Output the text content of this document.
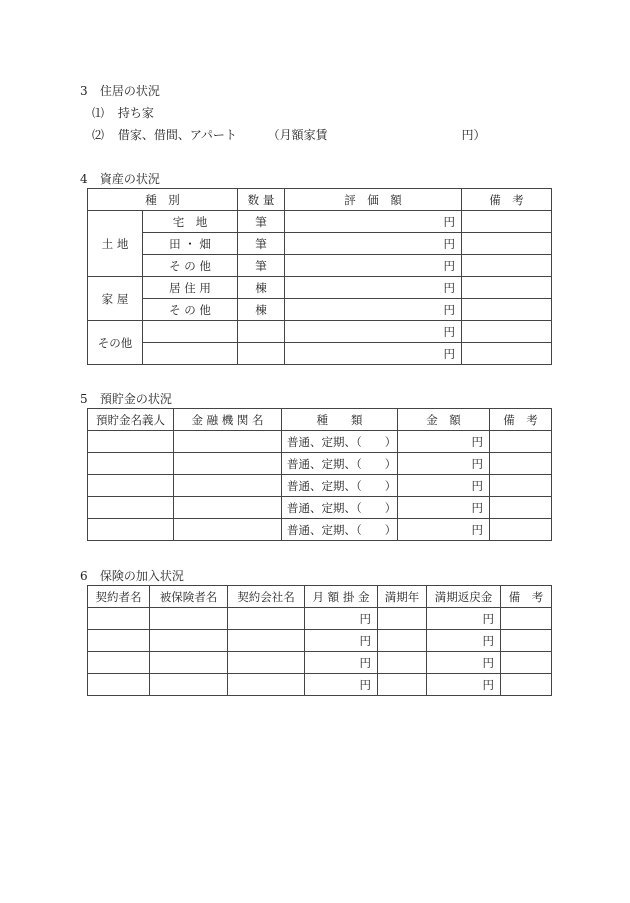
3 住居の状況
⑴ 持ち家
⑵ 借家、借間、アパート	（月額家賃	円）
4 資産の状況
種　別		数 量	評　価　額	備　考
土 地	宅　地	筆	円	
	田 ・ 畑	筆	円	
	そ の 他	筆	円	
家 屋	居 住 用	棟	円	
	そ の 他	棟	円	
その他			円	
			円	
5 預貯金の状況
預貯金名義人	金 融 機 関 名	種　　類	金　額	備　考
		普通、定期、（　　）	円	
		普通、定期、（　　）	円	
		普通、定期、（　　）	円	
		普通、定期、（　　）	円	
		普通、定期、（　　）	円	
6 保険の加入状況
契約者名	被保険者名	契約会社名	月 額 掛 金	満期年	満期返戻金	備　考
			円		円	
			円		円	
			円		円	
			円		円	
